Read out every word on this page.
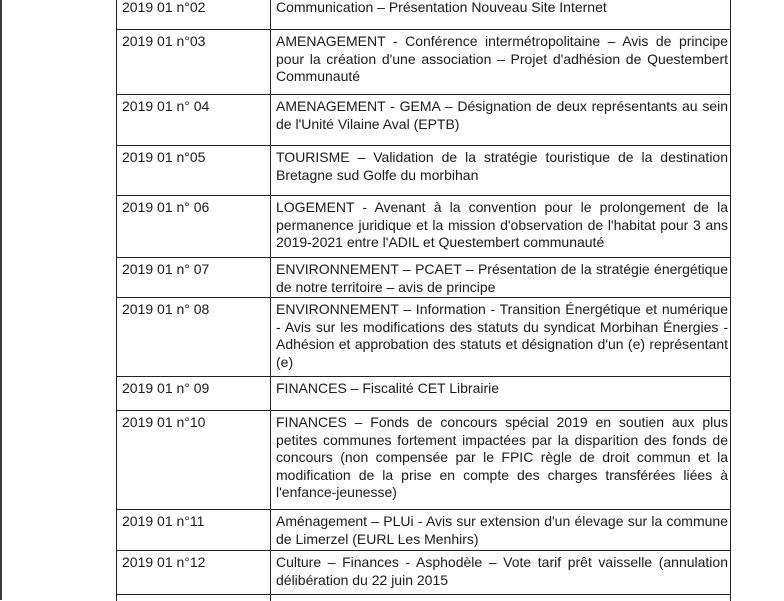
2019 01 n°02	Communication – Présentation Nouveau Site Internet
2019 01 n°03	AMENAGEMENT - Conférence intermétropolitaine – Avis de principe pour la création d'une association – Projet d'adhésion de Questembert Communauté
2019 01 n° 04	AMENAGEMENT - GEMA – Désignation de deux représentants au sein de l'Unité Vilaine Aval (EPTB)
2019 01 n°05	TOURISME – Validation de la stratégie touristique de la destination Bretagne sud Golfe du morbihan
2019 01 n° 06	LOGEMENT - Avenant à la convention pour le prolongement de la permanence juridique et la mission d'observation de l'habitat pour 3 ans 2019-2021 entre l'ADIL et Questembert communauté
2019 01 n° 07	ENVIRONNEMENT – PCAET – Présentation de la stratégie énergétique de notre territoire – avis de principe
2019 01 n° 08	ENVIRONNEMENT – Information - Transition Énergétique et numérique - Avis sur les modifications des statuts du syndicat Morbihan Énergies - Adhésion et approbation des statuts et désignation d'un (e) représentant (e)
2019 01 n° 09	FINANCES – Fiscalité CET Librairie
2019 01 n°10	FINANCES – Fonds de concours spécial 2019 en soutien aux plus petites communes fortement impactées par la disparition des fonds de concours (non compensée par le FPIC règle de droit commun et la modification de la prise en compte des charges transférées liées à l'enfance-jeunesse)
2019 01 n°11	Aménagement – PLUi - Avis sur extension d'un élevage sur la commune de Limerzel (EURL Les Menhirs)
2019 01 n°12	Culture – Finances - Asphodèle – Vote tarif prêt vaisselle (annulation délibération du 22 juin 2015
